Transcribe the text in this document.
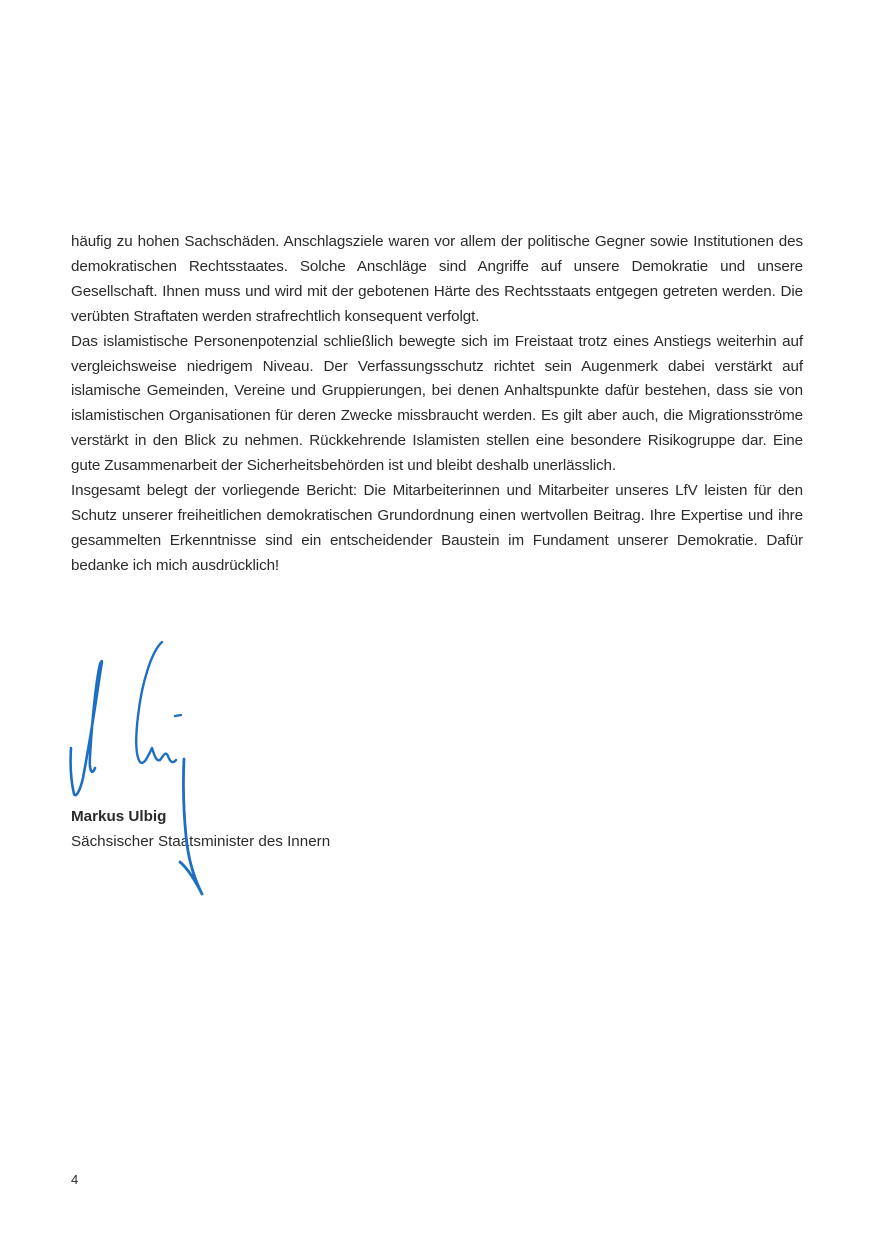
häufig zu hohen Sachschäden. Anschlagsziele waren vor allem der politische Gegner sowie Institutionen des demokratischen Rechtsstaates. Solche Anschläge sind Angriffe auf unsere Demokratie und unsere Gesellschaft. Ihnen muss und wird mit der gebotenen Härte des Rechtsstaats entgegen getreten werden. Die verübten Straftaten werden strafrechtlich konsequent verfolgt.

Das islamistische Personenpotenzial schließlich bewegte sich im Freistaat trotz eines Anstiegs weiterhin auf vergleichsweise niedrigem Niveau. Der Verfassungsschutz richtet sein Augenmerk dabei verstärkt auf islamische Gemeinden, Vereine und Gruppierungen, bei denen Anhaltspunkte dafür bestehen, dass sie von islamistischen Organisationen für deren Zwecke missbraucht werden. Es gilt aber auch, die Migrationsströme verstärkt in den Blick zu nehmen. Rückkehrende Islamisten stellen eine besondere Risikogruppe dar. Eine gute Zusammenarbeit der Sicherheitsbehörden ist und bleibt deshalb unerlässlich.

Insgesamt belegt der vorliegende Bericht: Die Mitarbeiterinnen und Mitarbeiter unseres LfV leisten für den Schutz unserer freiheitlichen demokratischen Grundordnung einen wertvollen Beitrag. Ihre Expertise und ihre gesammelten Erkenntnisse sind ein entscheidender Baustein im Fundament unserer Demokratie. Dafür bedanke ich mich ausdrücklich!

Markus Ulbig
Sächsischer Staatsminister des Innern
4
